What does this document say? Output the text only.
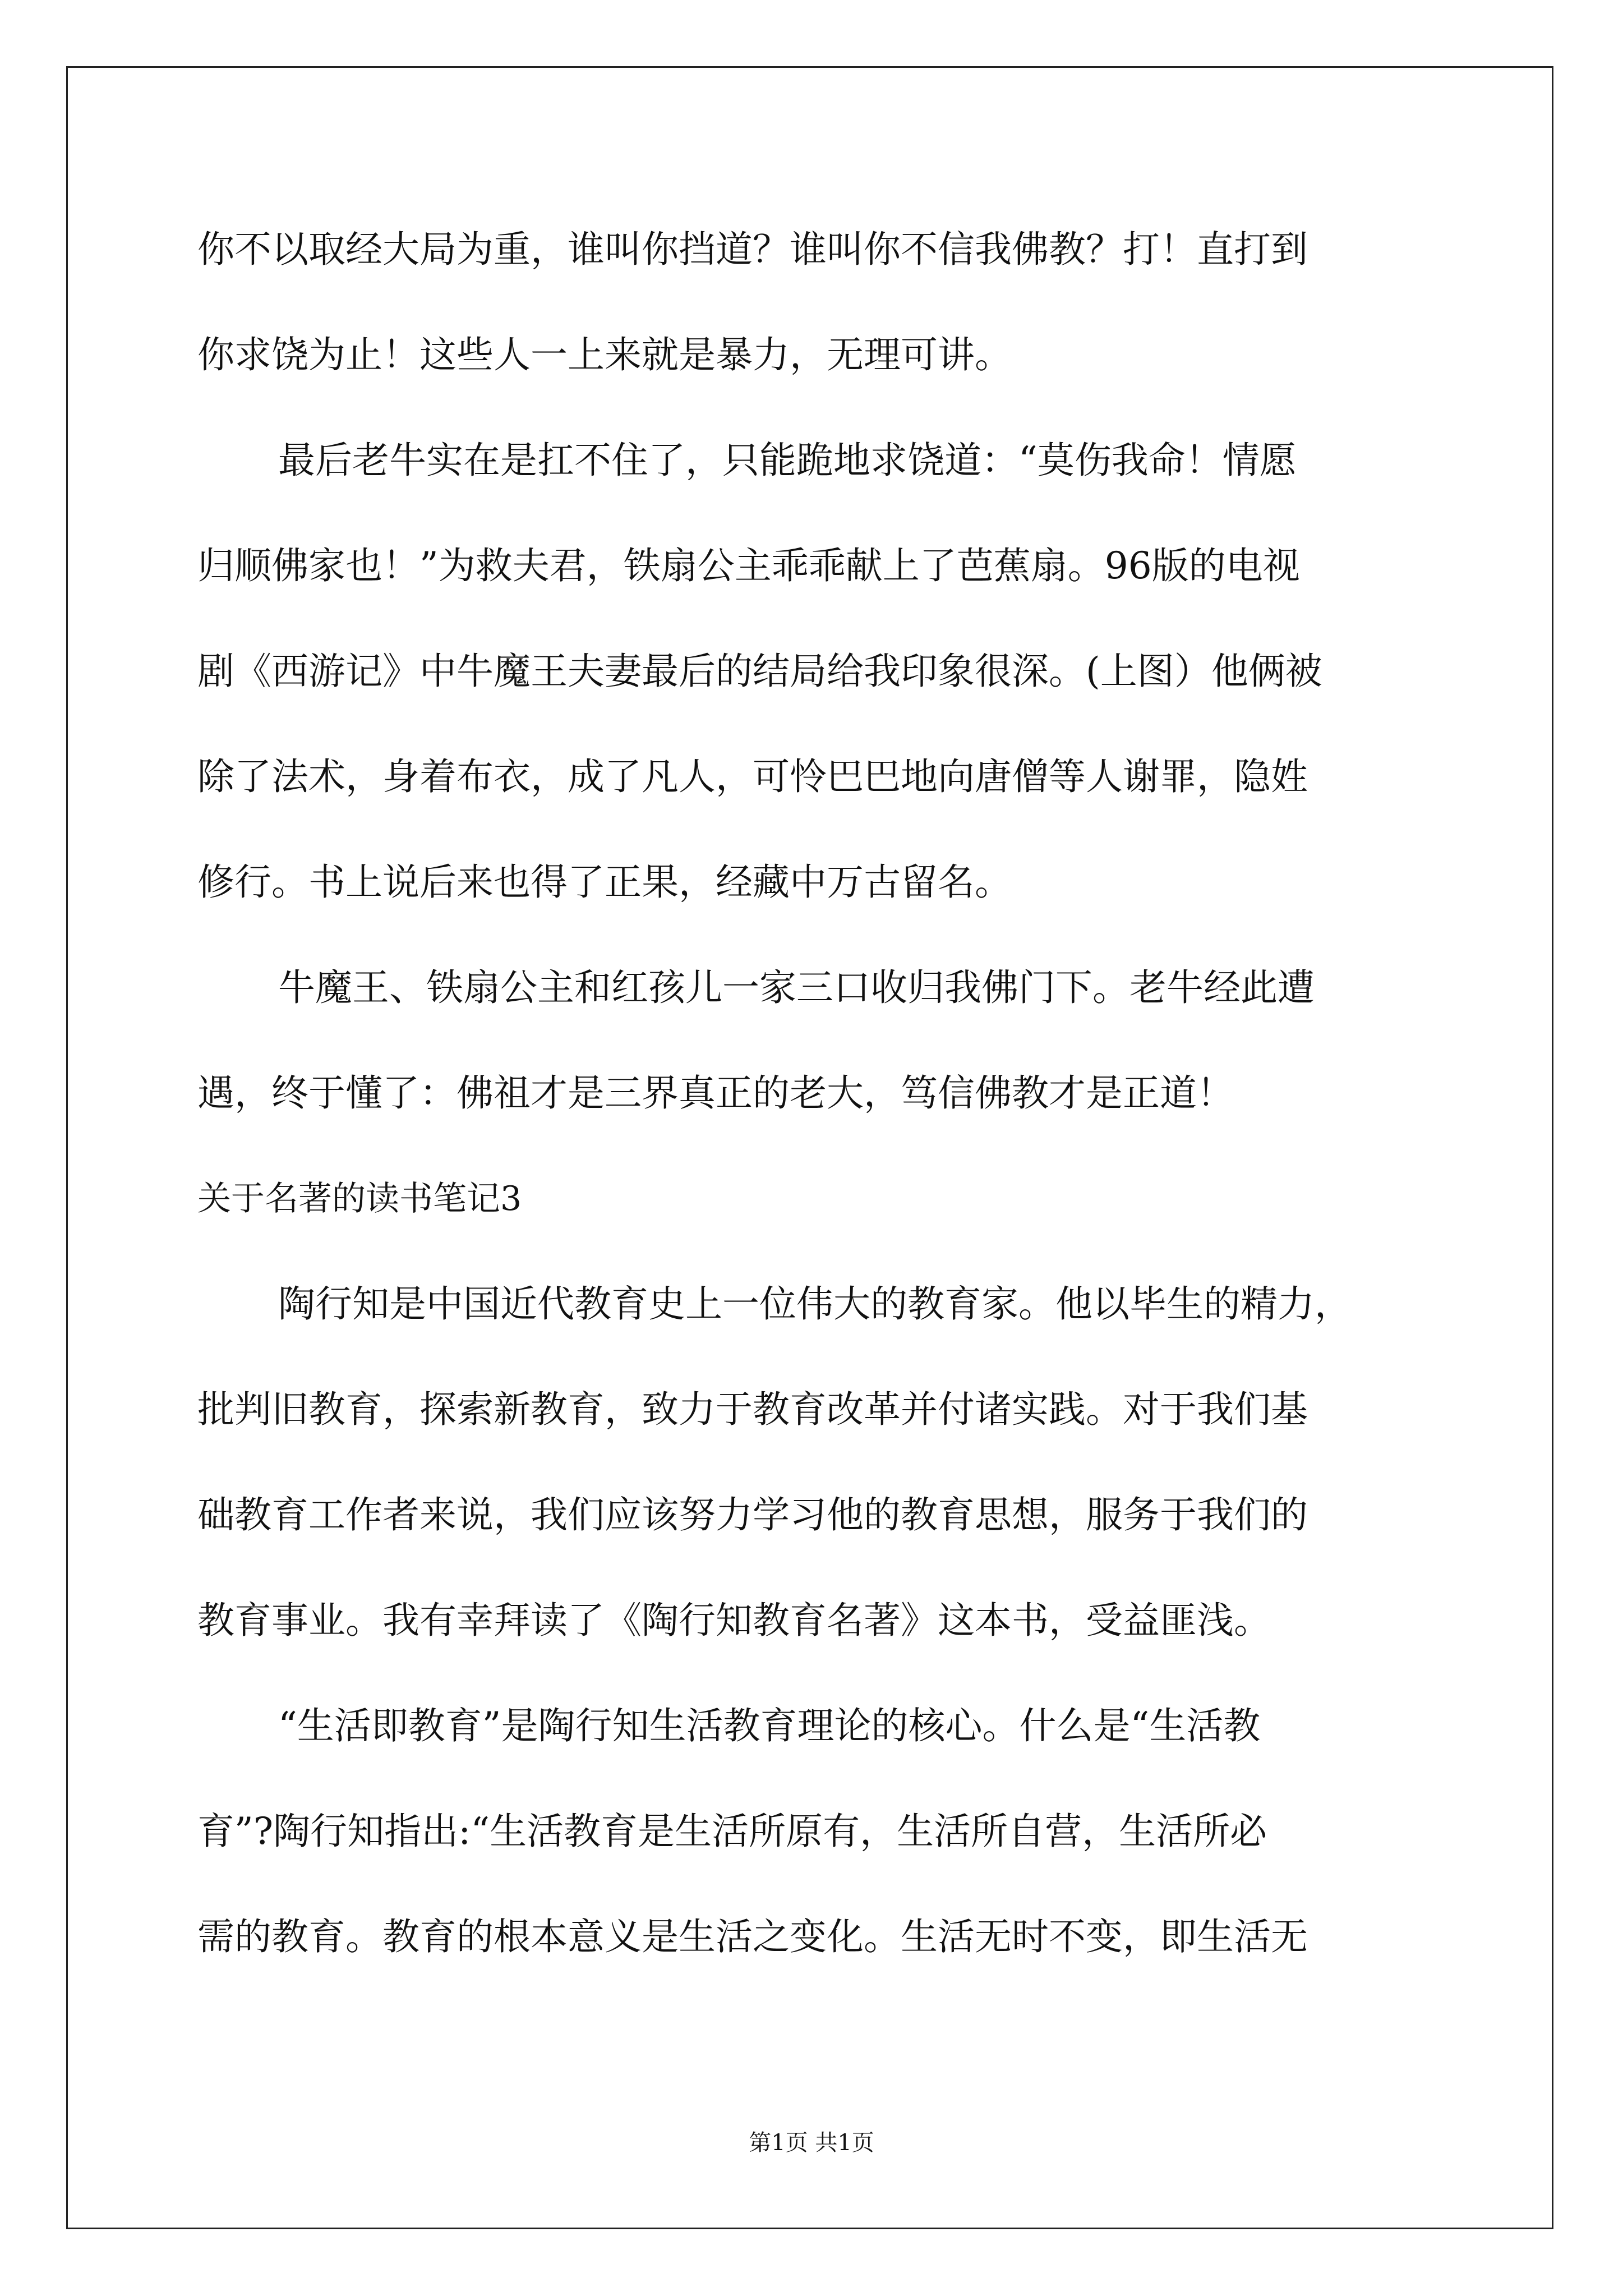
你不以取经大局为重，谁叫你挡道？谁叫你不信我佛教？打！直打到
你求饶为止！这些人一上来就是暴力，无理可讲。
最后老牛实在是扛不住了，只能跪地求饶道：“莫伤我命！情愿
归顺佛家也！”为救夫君，铁扇公主乖乖献上了芭蕉扇。96版的电视
剧《西游记》中牛魔王夫妻最后的结局给我印象很深。(上图）他俩被
除了法术，身着布衣，成了凡人，可怜巴巴地向唐僧等人谢罪，隐姓
修行。书上说后来也得了正果，经藏中万古留名。
牛魔王、铁扇公主和红孩儿一家三口收归我佛门下。老牛经此遭
遇，终于懂了：佛祖才是三界真正的老大，笃信佛教才是正道！
关于名著的读书笔记3
陶行知是中国近代教育史上一位伟大的教育家。他以毕生的精力，
批判旧教育，探索新教育，致力于教育改革并付诸实践。对于我们基
础教育工作者来说，我们应该努力学习他的教育思想，服务于我们的
教育事业。我有幸拜读了《陶行知教育名著》这本书，受益匪浅。
“生活即教育”是陶行知生活教育理论的核心。什么是“生活教
育”?陶行知指出:“生活教育是生活所原有，生活所自营，生活所必
需的教育。教育的根本意义是生活之变化。生活无时不变，即生活无
第1页 共1页
